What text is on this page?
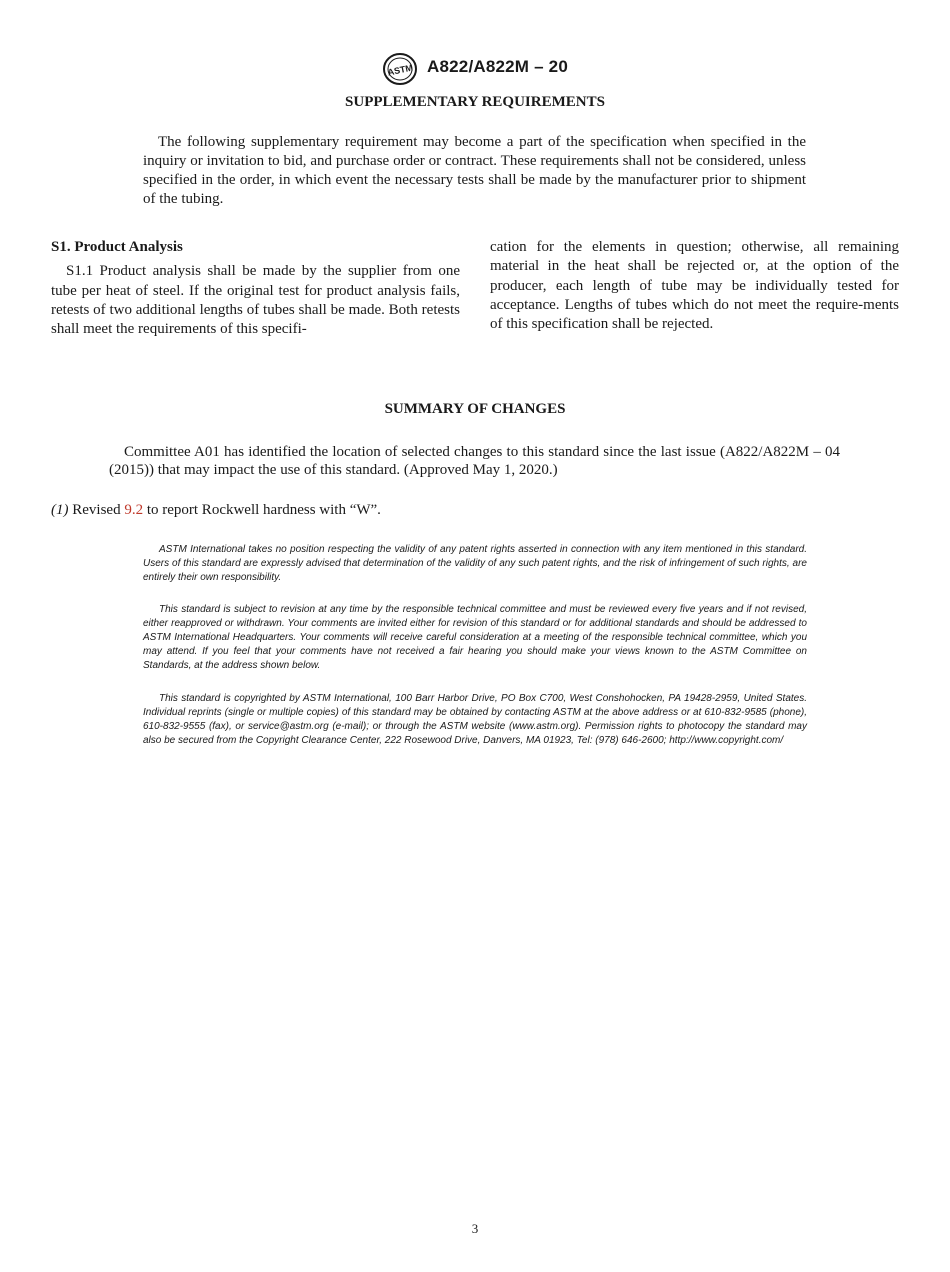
ASTM A822/A822M – 20
SUPPLEMENTARY REQUIREMENTS

The following supplementary requirement may become a part of the specification when specified in the inquiry or invitation to bid, and purchase order or contract. These requirements shall not be considered, unless specified in the order, in which event the necessary tests shall be made by the manufacturer prior to shipment of the tubing.

S1. Product Analysis

S1.1 Product analysis shall be made by the supplier from one tube per heat of steel. If the original test for product analysis fails, retests of two additional lengths of tubes shall be made. Both retests shall meet the requirements of this specifi-

cation for the elements in question; otherwise, all remaining material in the heat shall be rejected or, at the option of the producer, each length of tube may be individually tested for acceptance. Lengths of tubes which do not meet the require-ments of this specification shall be rejected.

SUMMARY OF CHANGES

Committee A01 has identified the location of selected changes to this standard since the last issue (A822/A822M – 04 (2015)) that may impact the use of this standard. (Approved May 1, 2020.)

(1) Revised 9.2 to report Rockwell hardness with “W”.

ASTM International takes no position respecting the validity of any patent rights asserted in connection with any item mentioned in this standard. Users of this standard are expressly advised that determination of the validity of any such patent rights, and the risk of infringement of such rights, are entirely their own responsibility.

This standard is subject to revision at any time by the responsible technical committee and must be reviewed every five years and if not revised, either reapproved or withdrawn. Your comments are invited either for revision of this standard or for additional standards and should be addressed to ASTM International Headquarters. Your comments will receive careful consideration at a meeting of the responsible technical committee, which you may attend. If you feel that your comments have not received a fair hearing you should make your views known to the ASTM Committee on Standards, at the address shown below.

This standard is copyrighted by ASTM International, 100 Barr Harbor Drive, PO Box C700, West Conshohocken, PA 19428-2959, United States. Individual reprints (single or multiple copies) of this standard may be obtained by contacting ASTM at the above address or at 610-832-9585 (phone), 610-832-9555 (fax), or service@astm.org (e-mail); or through the ASTM website (www.astm.org). Permission rights to photocopy the standard may also be secured from the Copyright Clearance Center, 222 Rosewood Drive, Danvers, MA 01923, Tel: (978) 646-2600; http://www.copyright.com/

3
